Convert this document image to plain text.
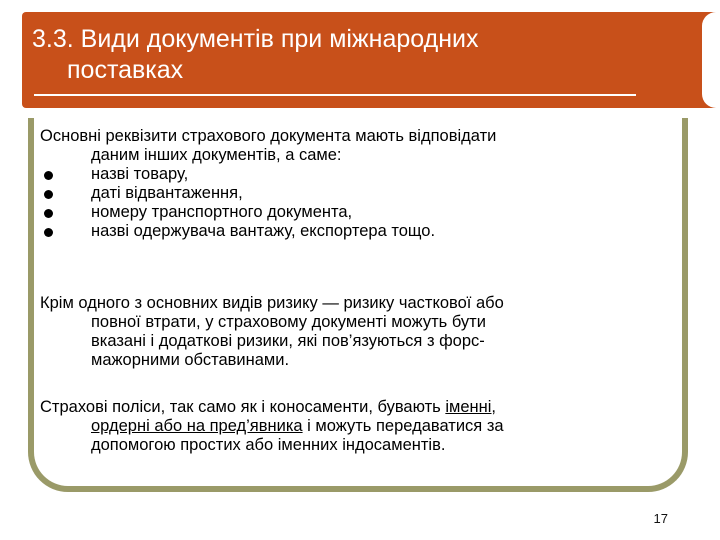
3.3. Види документів при міжнародних
поставках
Основні реквізити страхового документа мають відповідати
даним інших документів, а саме:
назві товару,
даті відвантаження,
номеру транспортного документа,
назві одержувача вантажу, експортера тощо.
Крім одного з основних видів ризику — ризику часткової або
повної втрати, у страховому документі можуть бути
вказані і додаткові ризики, які пов’язуються з форс-
мажорними обставинами.
Страхові поліси, так само як і коносаменти, бувають іменні,
ордерні або на пред’явника і можуть передаватися за
допомогою простих або іменних індосаментів.
17
